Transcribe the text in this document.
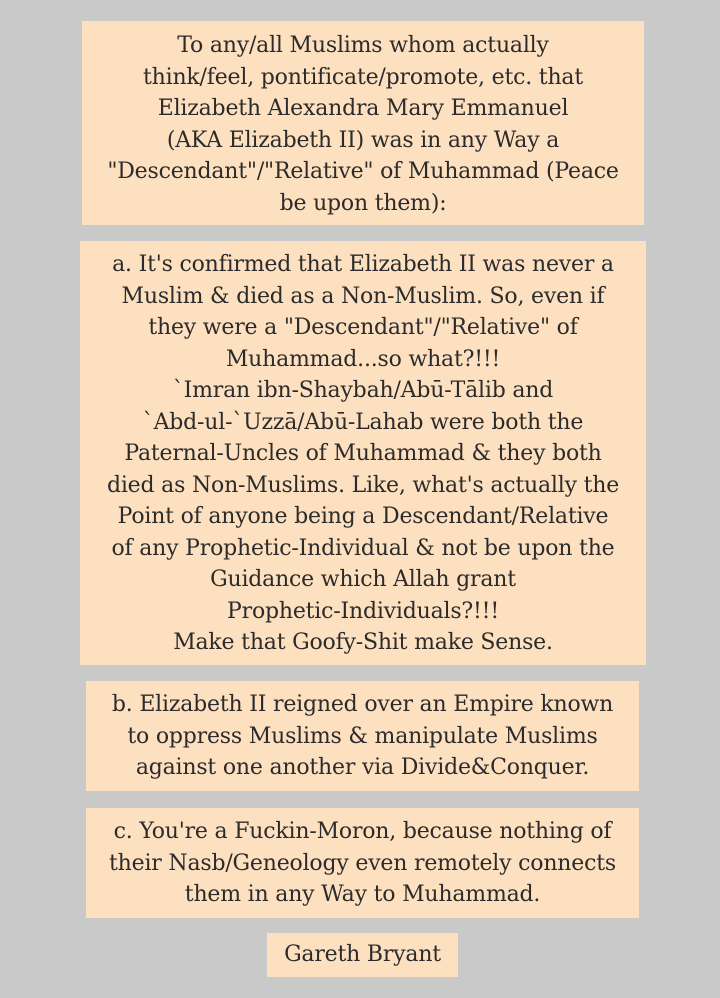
To any/all Muslims whom actually
think/feel, pontificate/promote, etc. that
Elizabeth Alexandra Mary Emmanuel
(AKA Elizabeth II) was in any Way a
"Descendant"/"Relative" of Muhammad (Peace
be upon them):
a. It's confirmed that Elizabeth II was never a
Muslim & died as a Non-Muslim. So, even if
they were a "Descendant"/"Relative" of
Muhammad...so what?!!!
`Imran ibn-Shaybah/Abū-Tālib and
`Abd-ul-`Uzzā/Abū-Lahab were both the
Paternal-Uncles of Muhammad & they both
died as Non-Muslims. Like, what's actually the
Point of anyone being a Descendant/Relative
of any Prophetic-Individual & not be upon the
Guidance which Allah grant
Prophetic-Individuals?!!!
Make that Goofy-Shit make Sense.
b. Elizabeth II reigned over an Empire known
to oppress Muslims & manipulate Muslims
against one another via Divide&Conquer.
c. You're a Fuckin-Moron, because nothing of
their Nasb/Geneology even remotely connects
them in any Way to Muhammad.
Gareth Bryant
